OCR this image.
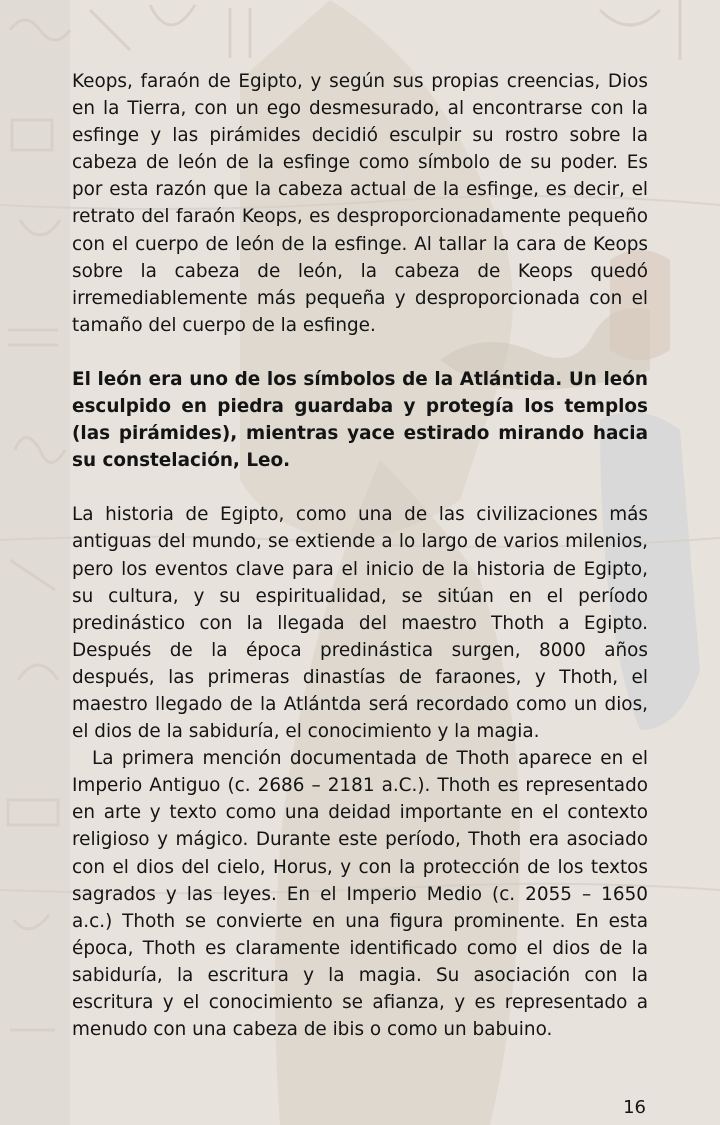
Keops, faraón de Egipto, y según sus propias creencias, Dios en la Tierra, con un ego desmesurado, al encontrarse con la esfinge y las pirámides decidió esculpir su rostro sobre la cabeza de león de la esfinge como símbolo de su poder. Es por esta razón que la cabeza actual de la esfinge, es decir, el retrato del faraón Keops, es desproporcionadamente pequeño con el cuerpo de león de la esfinge. Al tallar la cara de Keops sobre la cabeza de león, la cabeza de Keops quedó irremediablemente más pequeña y desproporcionada con el tamaño del cuerpo de la esfinge.

El león era uno de los símbolos de la Atlántida. Un león esculpido en piedra guardaba y protegía los templos (las pirámides), mientras yace estirado mirando hacia su constelación, Leo.

La historia de Egipto, como una de las civilizaciones más antiguas del mundo, se extiende a lo largo de varios milenios, pero los eventos clave para el inicio de la historia de Egipto, su cultura, y su espiritualidad, se sitúan en el período predinástico con la llegada del maestro Thoth a Egipto. Después de la época predinástica surgen, 8000 años después, las primeras dinastías de faraones, y Thoth, el maestro llegado de la Atlántda será recordado como un dios, el dios de la sabiduría, el conocimiento y la magia.

La primera mención documentada de Thoth aparece en el Imperio Antiguo (c. 2686 – 2181 a.C.). Thoth es representado en arte y texto como una deidad importante en el contexto religioso y mágico. Durante este período, Thoth era asociado con el dios del cielo, Horus, y con la protección de los textos sagrados y las leyes. En el Imperio Medio (c. 2055 – 1650 a.c.) Thoth se convierte en una figura prominente. En esta época, Thoth es claramente identificado como el dios de la sabiduría, la escritura y la magia. Su asociación con la escritura y el conocimiento se afianza, y es representado a menudo con una cabeza de ibis o como un babuino.

16
